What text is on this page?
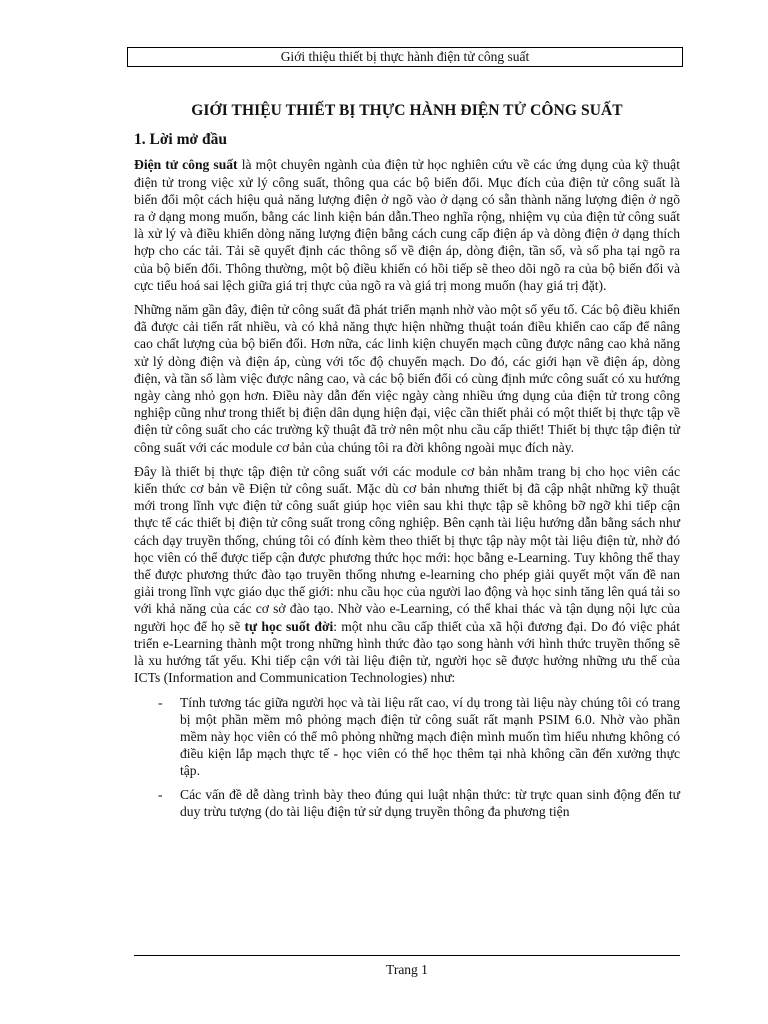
Giới thiệu thiết bị thực hành điện tử công suất
GIỚI THIỆU THIẾT BỊ THỰC HÀNH ĐIỆN TỬ CÔNG SUẤT
1. Lời mở đầu

Điện tử công suất là một chuyên ngành của điện tử học nghiên cứu về các ứng dụng của kỹ thuật điện tử trong việc xử lý công suất, thông qua các bộ biến đổi. Mục đích của điện tử công suất là biến đổi một cách hiệu quả năng lượng điện ở ngõ vào ở dạng có sẵn thành năng lượng điện ở ngõ ra ở dạng mong muốn, bằng các linh kiện bán dẫn.Theo nghĩa rộng, nhiệm vụ của điện tử công suất là xử lý và điều khiển dòng năng lượng điện bằng cách cung cấp điện áp và dòng điện ở dạng thích hợp cho các tải. Tải sẽ quyết định các thông số về điện áp, dòng điện, tần số, và số pha tại ngõ ra của bộ biến đổi. Thông thường, một bộ điều khiển có hồi tiếp sẽ theo dõi ngõ ra của bộ biến đổi và cực tiểu hoá sai lệch giữa giá trị thực của ngõ ra và giá trị mong muốn (hay giá trị đặt).

Những năm gần đây, điện tử công suất đã phát triển mạnh nhờ vào một số yếu tố. Các bộ điều khiển đã được cải tiến rất nhiều, và có khả năng thực hiện những thuật toán điều khiển cao cấp để nâng cao chất lượng của bộ biến đổi. Hơn nữa, các linh kiện chuyển mạch cũng được nâng cao khả năng xử lý dòng điện và điện áp, cùng với tốc độ chuyển mạch. Do đó, các giới hạn về điện áp, dòng điện, và tần số làm việc được nâng cao, và các bộ biến đổi có cùng định mức công suất có xu hướng ngày càng nhỏ gọn hơn. Điều này dẫn đến việc ngày càng nhiều ứng dụng của điện tử trong công nghiệp cũng như trong thiết bị điện dân dụng hiện đại, việc cần thiết phải có một thiết bị thực tập về điện tử công suất cho các trường kỹ thuật đã trở nên một nhu cầu cấp thiết! Thiết bị thực tập điện tử công suất với các module cơ bản của chúng tôi ra đời không ngoài mục đích này.

Đây là thiết bị thực tập điện tử công suất với các module cơ bản nhằm trang bị cho học viên các kiến thức cơ bản về Điện tử công suất. Mặc dù cơ bản nhưng thiết bị đã cập nhật những kỹ thuật mới trong lĩnh vực điện tử công suất giúp học viên sau khi thực tập sẽ không bỡ ngỡ khi tiếp cận thực tế các thiết bị điện tử công suất trong công nghiệp. Bên cạnh tài liệu hướng dẫn bằng sách như cách dạy truyền thống, chúng tôi có đính kèm theo thiết bị thực tập này một tài liệu điện tử, nhờ đó học viên có thể được tiếp cận được phương thức học mới: học bằng e-Learning. Tuy không thể thay thế được phương thức đào tạo truyền thống nhưng e-learning cho phép giải quyết một vấn đề nan giải trong lĩnh vực giáo dục thế giới: nhu cầu học của người lao động và học sinh tăng lên quá tải so với khả năng của các cơ sở đào tạo. Nhờ vào e-Learning, có thể khai thác và tận dụng nội lực của người học để họ sẽ tự học suốt đời: một nhu cầu cấp thiết của xã hội đương đại. Do đó việc phát triển e-Learning thành một trong những hình thức đào tạo song hành với hình thức truyền thống sẽ là xu hướng tất yếu. Khi tiếp cận với tài liệu điện tử, người học sẽ được hưởng những ưu thế của ICTs (Information and Communication Technologies) như:

- Tính tương tác giữa người học và tài liệu rất cao, ví dụ trong tài liệu này chúng tôi có trang bị một phần mềm mô phỏng mạch điện tử công suất rất mạnh PSIM 6.0. Nhờ vào phần mềm này học viên có thể mô phỏng những mạch điện mình muốn tìm hiểu nhưng không có điều kiện lắp mạch thực tế - học viên có thể học thêm tại nhà không cần đến xưởng thực tập.
- Các vấn đề dễ dàng trình bày theo đúng qui luật nhận thức: từ trực quan sinh động đến tư duy trừu tượng (do tài liệu điện tử sử dụng truyền thông đa phương tiện
Trang 1
